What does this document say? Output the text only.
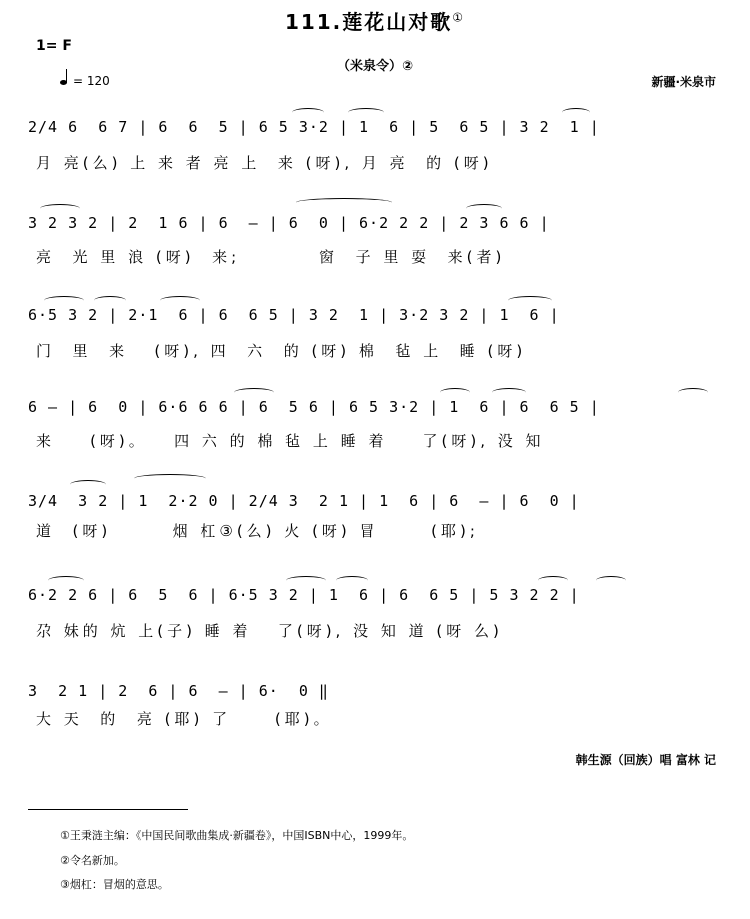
111.莲花山对歌①
1= F
（米泉令）②
= 120	新疆·米泉市
2/4 6  6 7 | 6  6  5 | 6 5 3·2 | 1  6 | 5  6 5 | 3 2  1 |
月 亮(么) 上 来 者 亮 上  来 (呀), 月 亮  的 (呀)
3 2 3 2 | 2  1 6 | 6  — | 6  0 | 6·2 2 2 | 2 3 6 6 |
亮  光 里 浪 (呀)  来;         窗  子 里 耍  来(者)
6·5 3 2 | 2·1  6 | 6  6 5 | 3 2  1 | 3·2 3 2 | 1  6 |
门  里  来   (呀), 四  六  的 (呀) 棉  毡 上  睡 (呀)
6 — | 6  0 | 6·6 6 6 | 6  5 6 | 6 5 3·2 | 1  6 | 6  6 5 |
来    (呀)。   四 六 的 棉 毡 上 睡 着    了(呀), 没 知
3/4  3 2 | 1  2·2 0 | 2/4 3  2 1 | 1  6 | 6  — | 6  0 |
道  (呀)       烟 杠③(么) 火 (呀) 冒      (耶);
6·2 2 6 | 6  5  6 | 6·5 3 2 | 1  6 | 6  6 5 | 5 3 2 2 |
尕 妹的 炕 上(子) 睡 着   了(呀), 没 知 道 (呀 么)
3  2 1 | 2  6 | 6  — | 6·  0 ‖
大 天  的  亮 (耶) 了     (耶)。
韩生源（回族）唱 富林 记
①王秉涟主编：《中国民间歌曲集成·新疆卷》，中国ISBN中心，1999年。
②令名新加。
③烟杠：冒烟的意思。
